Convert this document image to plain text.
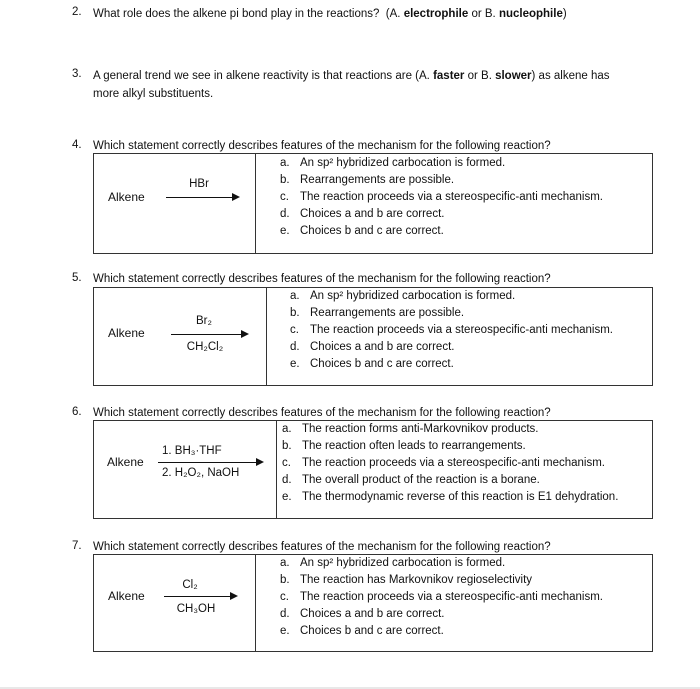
2. What role does the alkene pi bond play in the reactions? (A. electrophile or B. nucleophile)
3. A general trend we see in alkene reactivity is that reactions are (A. faster or B. slower) as alkene has
more alkyl substituents.
4. Which statement correctly describes features of the mechanism for the following reaction?
Alkene
HBr
a. An sp² hybridized carbocation is formed.
b. Rearrangements are possible.
c. The reaction proceeds via a stereospecific-anti mechanism.
d. Choices a and b are correct.
e. Choices b and c are correct.
5. Which statement correctly describes features of the mechanism for the following reaction?
Alkene
Br₂
CH₂Cl₂
a. An sp² hybridized carbocation is formed.
b. Rearrangements are possible.
c. The reaction proceeds via a stereospecific-anti mechanism.
d. Choices a and b are correct.
e. Choices b and c are correct.
6. Which statement correctly describes features of the mechanism for the following reaction?
Alkene
1. BH₃·THF
2. H₂O₂, NaOH
a. The reaction forms anti-Markovnikov products.
b. The reaction often leads to rearrangements.
c. The reaction proceeds via a stereospecific-anti mechanism.
d. The overall product of the reaction is a borane.
e. The thermodynamic reverse of this reaction is E1 dehydration.
7. Which statement correctly describes features of the mechanism for the following reaction?
Alkene
Cl₂
CH₃OH
a. An sp² hybridized carbocation is formed.
b. The reaction has Markovnikov regioselectivity
c. The reaction proceeds via a stereospecific-anti mechanism.
d. Choices a and b are correct.
e. Choices b and c are correct.
